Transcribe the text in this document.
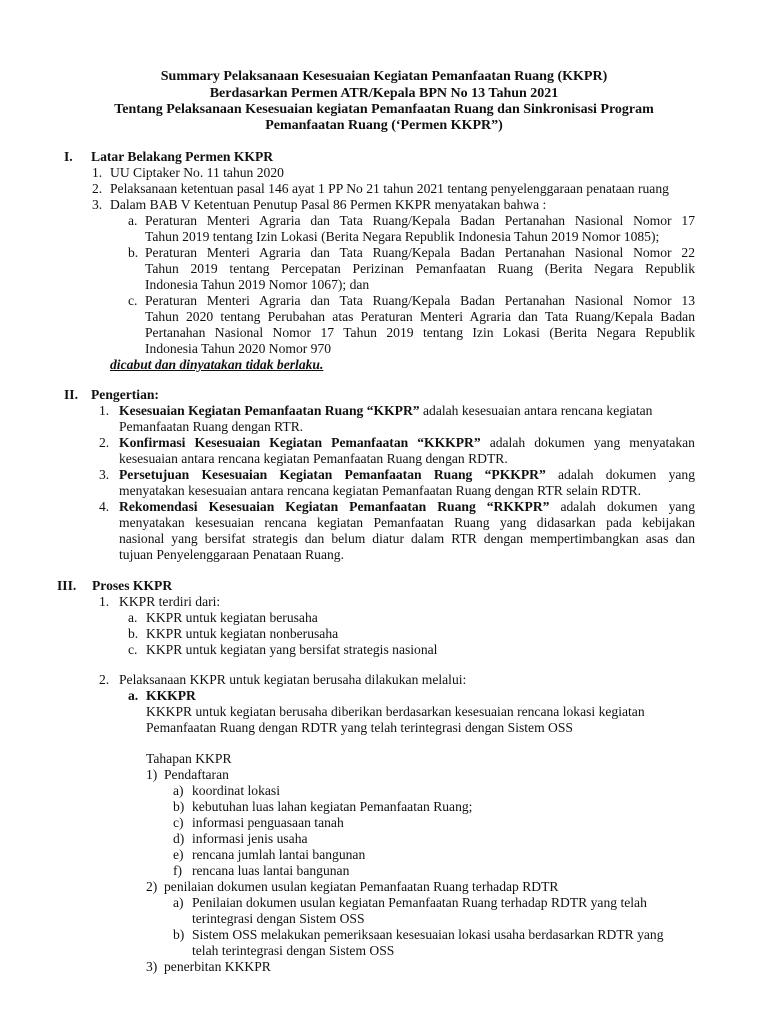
Summary Pelaksanaan Kesesuaian Kegiatan Pemanfaatan Ruang (KKPR)
Berdasarkan Permen ATR/Kepala BPN No 13 Tahun 2021
Tentang Pelaksanaan Kesesuaian kegiatan Pemanfaatan Ruang dan Sinkronisasi Program
Pemanfaatan Ruang (‘Permen KKPR”)
I. Latar Belakang Permen KKPR
1. UU Ciptaker No. 11 tahun 2020
2. Pelaksanaan ketentuan pasal 146 ayat 1 PP No 21 tahun 2021 tentang penyelenggaraan penataan ruang
3. Dalam BAB V Ketentuan Penutup Pasal 86 Permen KKPR menyatakan bahwa :
a. Peraturan Menteri Agraria dan Tata Ruang/Kepala Badan Pertanahan Nasional Nomor 17
Tahun 2019 tentang Izin Lokasi (Berita Negara Republik Indonesia Tahun 2019 Nomor 1085);
b. Peraturan Menteri Agraria dan Tata Ruang/Kepala Badan Pertanahan Nasional Nomor 22
Tahun 2019 tentang Percepatan Perizinan Pemanfaatan Ruang (Berita Negara Republik
Indonesia Tahun 2019 Nomor 1067); dan
c. Peraturan Menteri Agraria dan Tata Ruang/Kepala Badan Pertanahan Nasional Nomor 13
Tahun 2020 tentang Perubahan atas Peraturan Menteri Agraria dan Tata Ruang/Kepala Badan
Pertanahan Nasional Nomor 17 Tahun 2019 tentang Izin Lokasi (Berita Negara Republik
Indonesia Tahun 2020 Nomor 970
dicabut dan dinyatakan tidak berlaku.
II. Pengertian:
1. Kesesuaian Kegiatan Pemanfaatan Ruang “KKPR” adalah kesesuaian antara rencana kegiatan
Pemanfaatan Ruang dengan RTR.
2. Konfirmasi Kesesuaian Kegiatan Pemanfaatan “KKKPR” adalah dokumen yang menyatakan
kesesuaian antara rencana kegiatan Pemanfaatan Ruang dengan RDTR.
3. Persetujuan Kesesuaian Kegiatan Pemanfaatan Ruang “PKKPR” adalah dokumen yang
menyatakan kesesuaian antara rencana kegiatan Pemanfaatan Ruang dengan RTR selain RDTR.
4. Rekomendasi Kesesuaian Kegiatan Pemanfaatan Ruang “RKKPR” adalah dokumen yang
menyatakan kesesuaian rencana kegiatan Pemanfaatan Ruang yang didasarkan pada kebijakan
nasional yang bersifat strategis dan belum diatur dalam RTR dengan mempertimbangkan asas dan
tujuan Penyelenggaraan Penataan Ruang.
III. Proses KKPR
1. KKPR terdiri dari:
a. KKPR untuk kegiatan berusaha
b. KKPR untuk kegiatan nonberusaha
c. KKPR untuk kegiatan yang bersifat strategis nasional
2. Pelaksanaan KKPR untuk kegiatan berusaha dilakukan melalui:
a. KKKPR
KKKPR untuk kegiatan berusaha diberikan berdasarkan kesesuaian rencana lokasi kegiatan
Pemanfaatan Ruang dengan RDTR yang telah terintegrasi dengan Sistem OSS
Tahapan KKPR
1) Pendaftaran
a) koordinat lokasi
b) kebutuhan luas lahan kegiatan Pemanfaatan Ruang;
c) informasi penguasaan tanah
d) informasi jenis usaha
e) rencana jumlah lantai bangunan
f) rencana luas lantai bangunan
2) penilaian dokumen usulan kegiatan Pemanfaatan Ruang terhadap RDTR
a) Penilaian dokumen usulan kegiatan Pemanfaatan Ruang terhadap RDTR yang telah
terintegrasi dengan Sistem OSS
b) Sistem OSS melakukan pemeriksaan kesesuaian lokasi usaha berdasarkan RDTR yang
telah terintegrasi dengan Sistem OSS
3) penerbitan KKKPR
